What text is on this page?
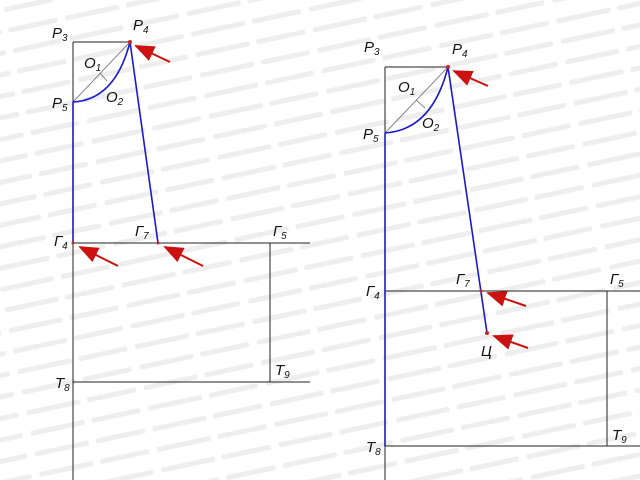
$Р_3$
$Р_4$
$Р_5$
$О_1$
$О_2$
$Г_4$
$Г_7$	$Г_5$
$Т_8$
$Т_9$
$Р_3$	$Р_4$
$Р_5$
$О_1$
$О_2$
$Г_4$
$Г_7$	$Г_5$
Ц
$Т_8$
$Т_9$
